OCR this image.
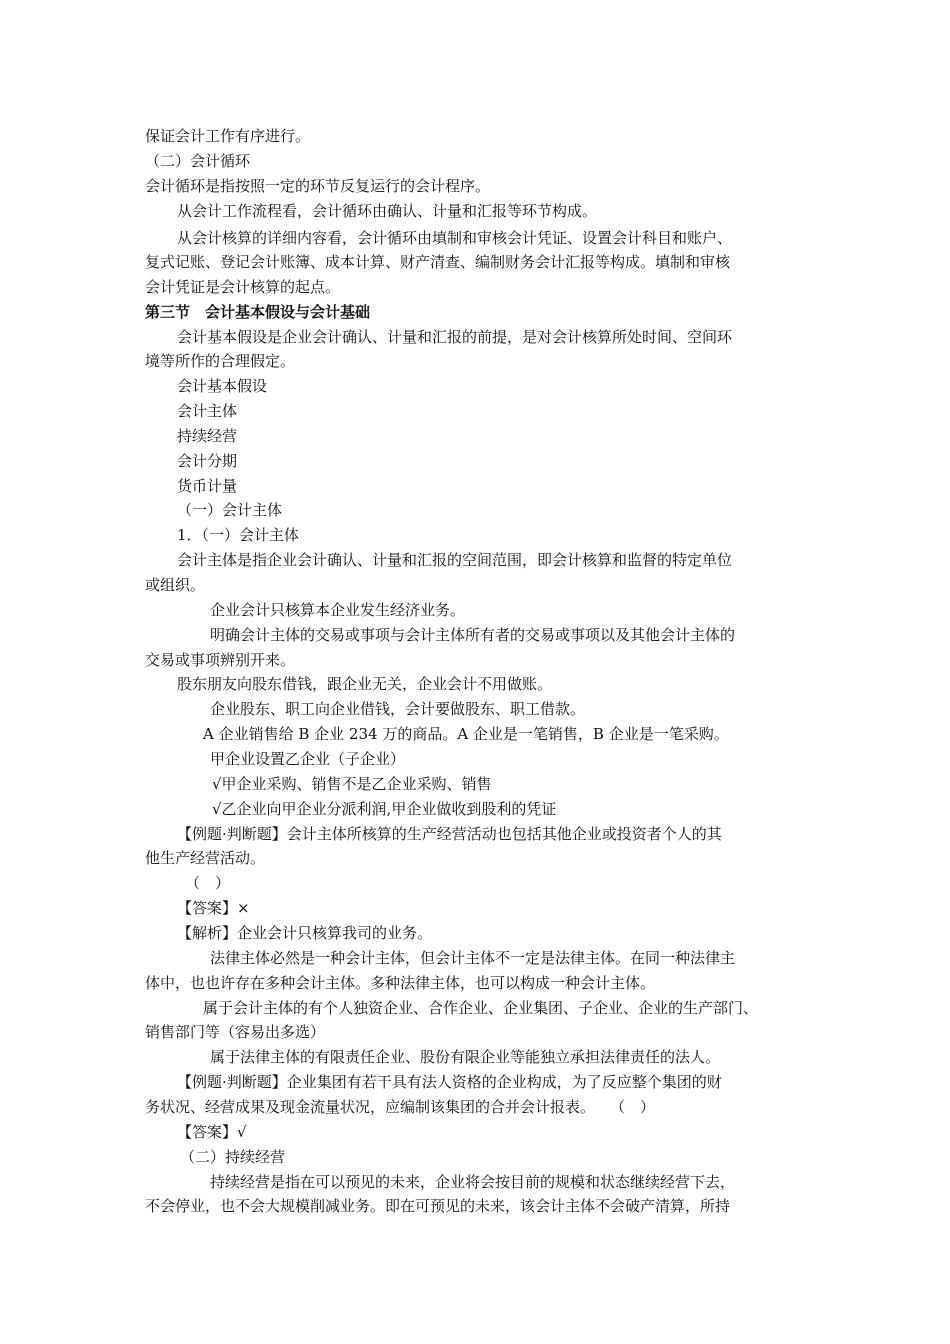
保证会计工作有序进行。
（二）会计循环
会计循环是指按照一定的环节反复运行的会计程序。
从会计工作流程看，会计循环由确认、计量和汇报等环节构成。
从会计核算的详细内容看，会计循环由填制和审核会计凭证、设置会计科目和账户、
复式记账、登记会计账簿、成本计算、财产清查、编制财务会计汇报等构成。填制和审核
会计凭证是会计核算的起点。
第三节　会计基本假设与会计基础
会计基本假设是企业会计确认、计量和汇报的前提，是对会计核算所处时间、空间环
境等所作的合理假定。
会计基本假设
会计主体
持续经营
会计分期
货币计量
（一）会计主体
1．（一）会计主体
会计主体是指企业会计确认、计量和汇报的空间范围，即会计核算和监督的特定单位
或组织。
企业会计只核算本企业发生经济业务。
明确会计主体的交易或事项与会计主体所有者的交易或事项以及其他会计主体的
交易或事项辨别开来。
股东朋友向股东借钱，跟企业无关，企业会计不用做账。
企业股东、职工向企业借钱，会计要做股东、职工借款。
A 企业销售给 B 企业 234 万的商品。A 企业是一笔销售，B 企业是一笔采购。
甲企业设置乙企业（子企业）
√甲企业采购、销售不是乙企业采购、销售
√乙企业向甲企业分派利润,甲企业做收到股利的凭证
【例题·判断题】会计主体所核算的生产经营活动也包括其他企业或投资者个人的其
他生产经营活动。
（　）
【答案】×
【解析】企业会计只核算我司的业务。
法律主体必然是一种会计主体，但会计主体不一定是法律主体。在同一种法律主
体中，也也许存在多种会计主体。多种法律主体，也可以构成一种会计主体。
属于会计主体的有个人独资企业、合作企业、企业集团、子企业、企业的生产部门、
销售部门等（容易出多选）
属于法律主体的有限责任企业、股份有限企业等能独立承担法律责任的法人。
【例题·判断题】企业集团有若干具有法人资格的企业构成，为了反应整个集团的财
务状况、经营成果及现金流量状况，应编制该集团的合并会计报表。　　（　）
【答案】√
（二）持续经营
持续经营是指在可以预见的未来，企业将会按目前的规模和状态继续经营下去，
不会停业，也不会大规模削减业务。即在可预见的未来，该会计主体不会破产清算，所持
